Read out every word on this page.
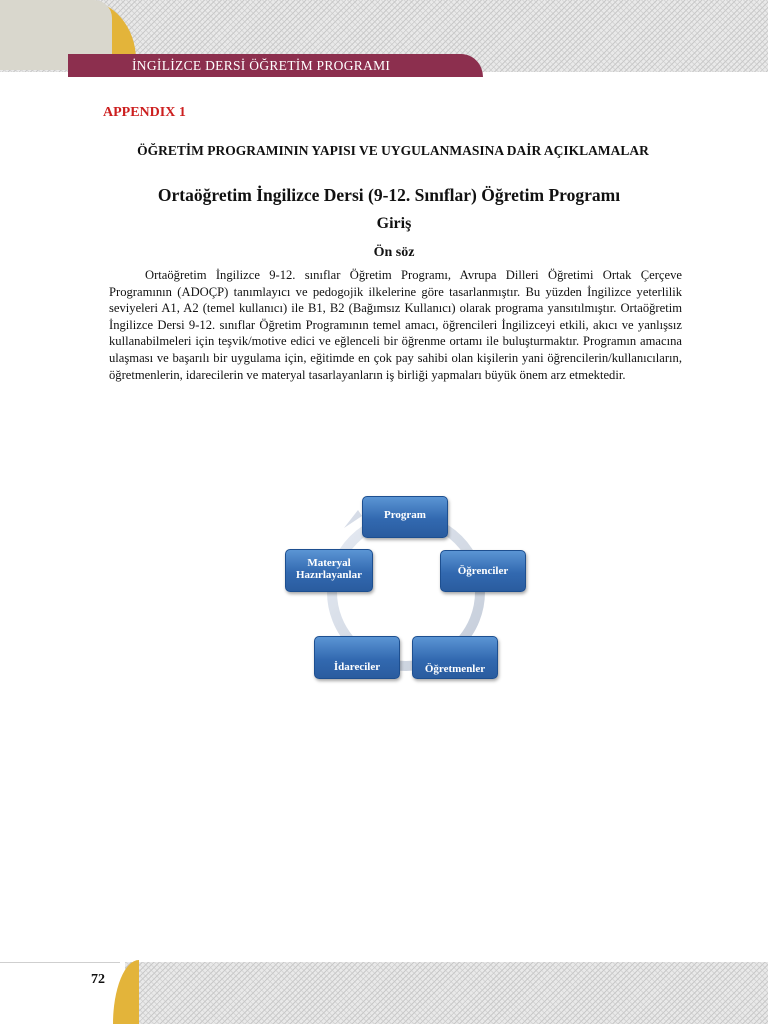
İNGİLİZCE DERSİ ÖĞRETİM PROGRAMI
APPENDIX 1
ÖĞRETİM PROGRAMININ YAPISI VE UYGULANMASINA DAİR AÇIKLAMALAR
Ortaöğretim İngilizce Dersi (9-12. Sınıflar) Öğretim Programı
Giriş
Ön söz

Ortaöğretim İngilizce 9-12. sınıflar Öğretim Programı, Avrupa Dilleri Öğretimi Ortak Çerçeve Programının (ADOÇP) tanımlayıcı ve pedogojik ilkelerine göre tasarlanmıştır. Bu yüzden İngilizce yeterlilik seviyeleri A1, A2 (temel kullanıcı) ile B1, B2 (Bağımsız Kullanıcı) olarak programa yansıtılmıştır. Ortaöğretim İngilizce Dersi 9-12. sınıflar Öğretim Programının temel amacı, öğrencileri İngilizceyi etkili, akıcı ve yanlışsız kullanabilmeleri için teşvik/motive edici ve eğlenceli bir öğrenme ortamı ile buluşturmaktır. Programın amacına ulaşması ve başarılı bir uygulama için, eğitimde en çok pay sahibi olan kişilerin yani öğrencilerin/kullanıcıların, öğretmenlerin, idarecilerin ve materyal tasarlayanların iş birliği yapmaları büyük önem arz etmektedir.

Program
Öğrenciler
Öğretmenler
İdareciler
Materyal Hazırlayanlar
72
